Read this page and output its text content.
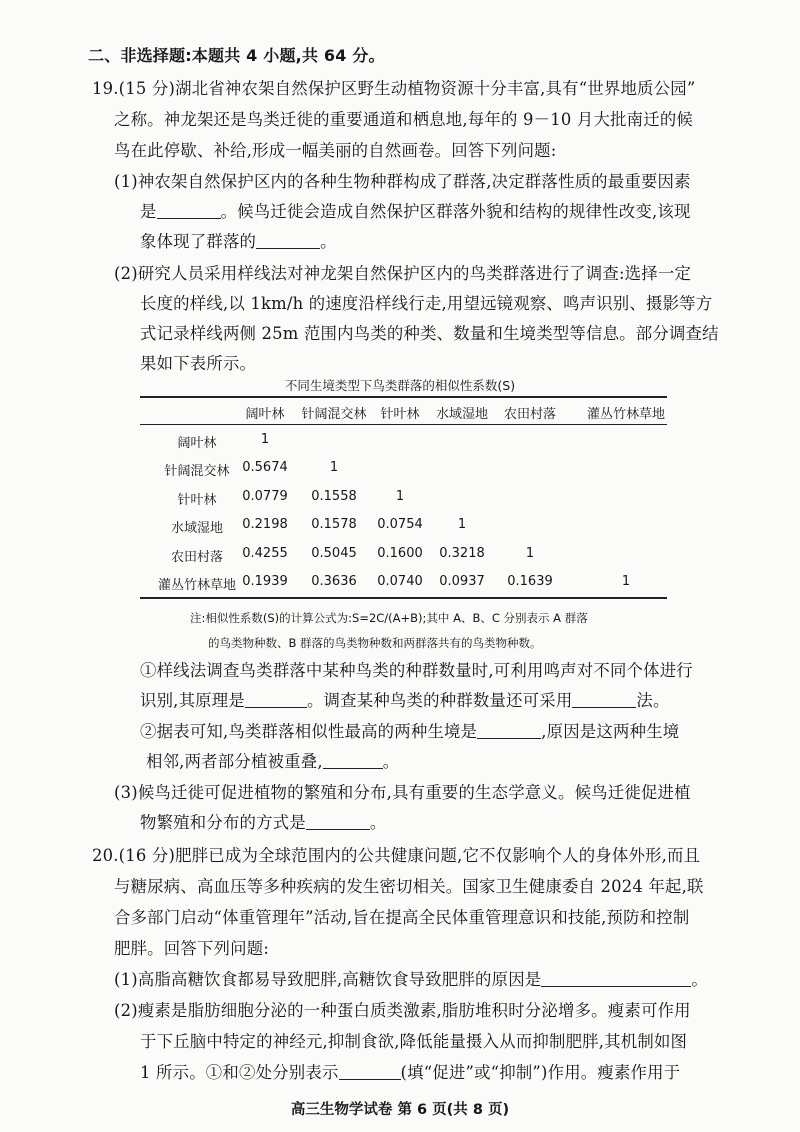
二、非选择题:本题共 4 小题,共 64 分。
19.(15 分)湖北省神农架自然保护区野生动植物资源十分丰富,具有“世界地质公园”
之称。神龙架还是鸟类迁徙的重要通道和栖息地,每年的 9－10 月大批南迁的候
鸟在此停歇、补给,形成一幅美丽的自然画卷。回答下列问题:
(1)神农架自然保护区内的各种生物种群构成了群落,决定群落性质的最重要因素
是	。候鸟迁徙会造成自然保护区群落外貌和结构的规律性改变,该现
象体现了群落的	。
(2)研究人员采用样线法对神龙架自然保护区内的鸟类群落进行了调查:选择一定
长度的样线,以 1km/h 的速度沿样线行走,用望远镜观察、鸣声识别、摄影等方
式记录样线两侧 25m 范围内鸟类的种类、数量和生境类型等信息。部分调查结
果如下表所示。
不同生境类型下鸟类群落的相似性系数(S)
阔叶林 针阔混交林 针叶林 水域湿地 农田村落 灌丛竹林草地
阔叶林	1
针阔混交林 0.5674	1
针叶林 0.0779 0.1558	1
水域湿地 0.2198 0.1578 0.0754	1
农田村落 0.4255 0.5045 0.1600 0.3218	1
灌丛竹林草地 0.1939 0.3636 0.0740 0.0937 0.1639	1
注:相似性系数(S)的计算公式为:S=2C/(A+B);其中 A、B、C 分别表示 A 群落
的鸟类物种数、B 群落的鸟类物种数和两群落共有的鸟类物种数。
①样线法调查鸟类群落中某种鸟类的种群数量时,可利用鸣声对不同个体进行
识别,其原理是	。调查某种鸟类的种群数量还可采用	法。
②据表可知,鸟类群落相似性最高的两种生境是	,原因是这两种生境
相邻,两者部分植被重叠,	。
(3)候鸟迁徙可促进植物的繁殖和分布,具有重要的生态学意义。候鸟迁徙促进植
物繁殖和分布的方式是	。
20.(16 分)肥胖已成为全球范围内的公共健康问题,它不仅影响个人的身体外形,而且
与糖尿病、高血压等多种疾病的发生密切相关。国家卫生健康委自 2024 年起,联
合多部门启动“体重管理年”活动,旨在提高全民体重管理意识和技能,预防和控制
肥胖。回答下列问题:
(1)高脂高糖饮食都易导致肥胖,高糖饮食导致肥胖的原因是	。
(2)瘦素是脂肪细胞分泌的一种蛋白质类激素,脂肪堆积时分泌增多。瘦素可作用
于下丘脑中特定的神经元,抑制食欲,降低能量摄入从而抑制肥胖,其机制如图
1 所示。①和②处分别表示	(填“促进”或“抑制”)作用。瘦素作用于
高三生物学试卷 第 6 页(共 8 页)
